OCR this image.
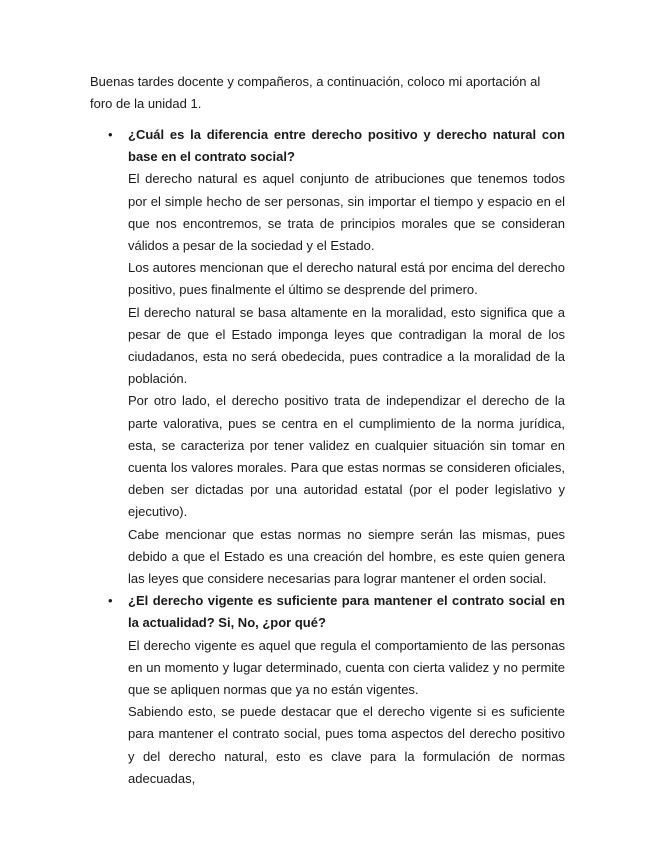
Buenas tardes docente y compañeros, a continuación, coloco mi aportación al foro de la unidad 1.

• ¿Cuál es la diferencia entre derecho positivo y derecho natural con base en el contrato social?

El derecho natural es aquel conjunto de atribuciones que tenemos todos por el simple hecho de ser personas, sin importar el tiempo y espacio en el que nos encontremos, se trata de principios morales que se consideran válidos a pesar de la sociedad y el Estado.

Los autores mencionan que el derecho natural está por encima del derecho positivo, pues finalmente el último se desprende del primero.

El derecho natural se basa altamente en la moralidad, esto significa que a pesar de que el Estado imponga leyes que contradigan la moral de los ciudadanos, esta no será obedecida, pues contradice a la moralidad de la población.

Por otro lado, el derecho positivo trata de independizar el derecho de la parte valorativa, pues se centra en el cumplimiento de la norma jurídica, esta, se caracteriza por tener validez en cualquier situación sin tomar en cuenta los valores morales. Para que estas normas se consideren oficiales, deben ser dictadas por una autoridad estatal (por el poder legislativo y ejecutivo).

Cabe mencionar que estas normas no siempre serán las mismas, pues debido a que el Estado es una creación del hombre, es este quien genera las leyes que considere necesarias para lograr mantener el orden social.

• ¿El derecho vigente es suficiente para mantener el contrato social en la actualidad? Si, No, ¿por qué?

El derecho vigente es aquel que regula el comportamiento de las personas en un momento y lugar determinado, cuenta con cierta validez y no permite que se apliquen normas que ya no están vigentes.

Sabiendo esto, se puede destacar que el derecho vigente si es suficiente para mantener el contrato social, pues toma aspectos del derecho positivo y del derecho natural, esto es clave para la formulación de normas adecuadas,
